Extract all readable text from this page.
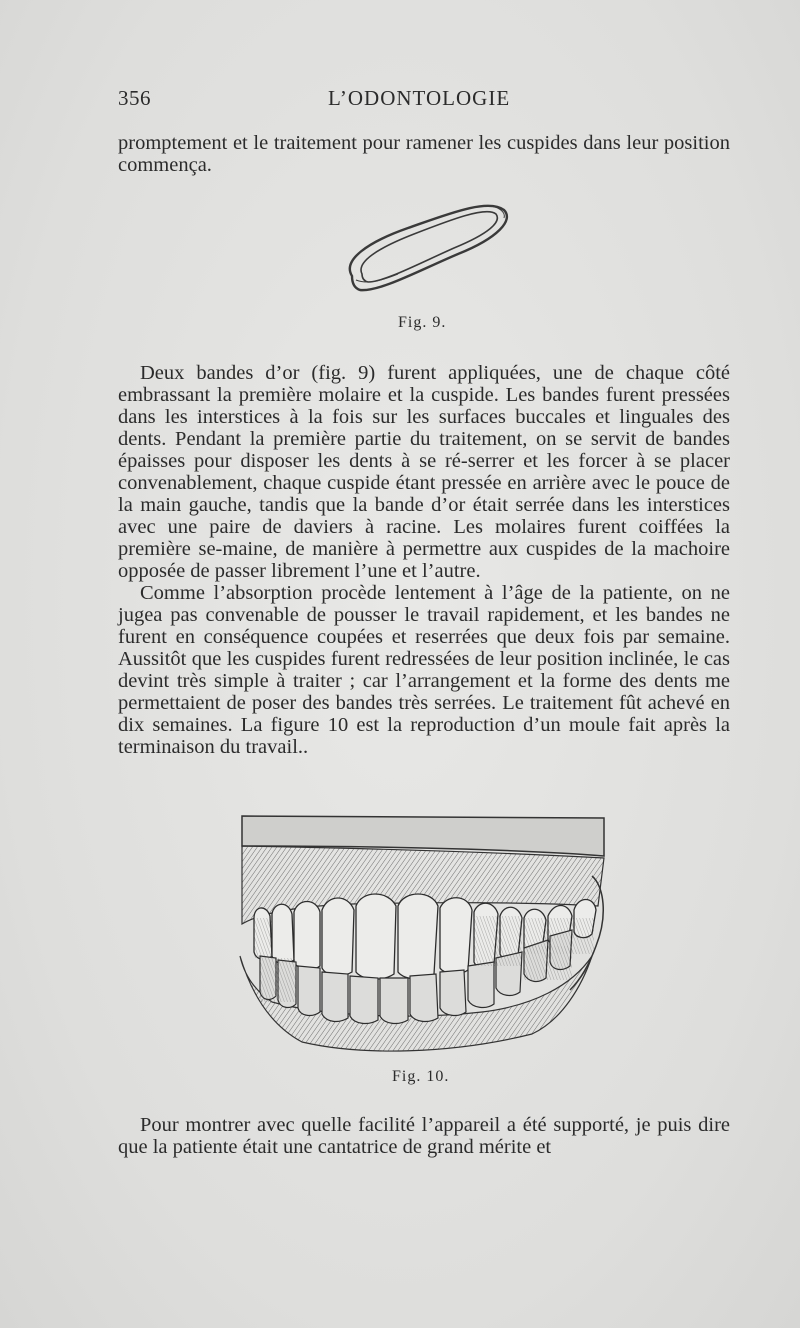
356	L’ODONTOLOGIE

promptement et le traitement pour ramener les cuspides dans leur position commença.

Fig. 9.

Deux bandes d’or (fig. 9) furent appliquées, une de chaque côté embrassant la première molaire et la cuspide. Les bandes furent pressées dans les interstices à la fois sur les surfaces buccales et linguales des dents. Pendant la première partie du traitement, on se servit de bandes épaisses pour disposer les dents à se ré-serrer et les forcer à se placer convenablement, chaque cuspide étant pressée en arrière avec le pouce de la main gauche, tandis que la bande d’or était serrée dans les interstices avec une paire de daviers à racine. Les molaires furent coiffées la première se-maine, de manière à permettre aux cuspides de la machoire opposée de passer librement l’une et l’autre.

Comme l’absorption procède lentement à l’âge de la patiente, on ne jugea pas convenable de pousser le travail rapidement, et les bandes ne furent en conséquence coupées et reserrées que deux fois par semaine. Aussitôt que les cuspides furent redressées de leur position inclinée, le cas devint très simple à traiter ; car l’arrangement et la forme des dents me permettaient de poser des bandes très serrées. Le traitement fût achevé en dix semaines. La figure 10 est la reproduction d’un moule fait après la terminaison du travail..

Fig. 10.

Pour montrer avec quelle facilité l’appareil a été supporté, je puis dire que la patiente était une cantatrice de grand mérite et
